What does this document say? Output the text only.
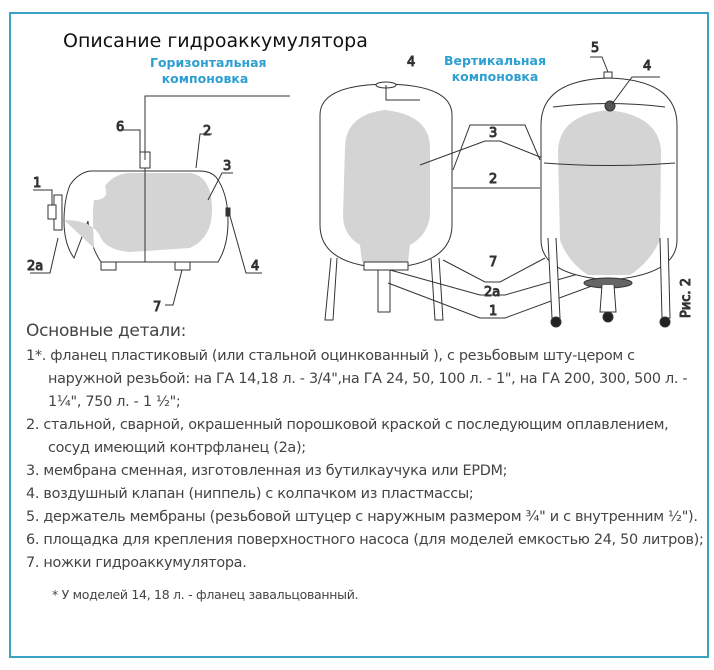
Описание гидроаккумулятора
Горизонтальная
компоновка
Вертикальная
компоновка
6	2
3
1
2a	4
7
4
5
4
3
2
7
2a
1	Рис. 2
Основные детали:
1*. фланец пластиковый (или стальной оцинкованный ), с резьбовым шту-цером с наружной резьбой: на ГА 14,18 л. - 3/4",на ГА 24, 50, 100 л. - 1", на ГА 200, 300, 500 л. - 1¼", 750 л. - 1 ½";
2. стальной, сварной, окрашенный порошковой краской с последующим оплавлением, сосуд имеющий контрфланец (2a);
3. мембрана сменная, изготовленная из бутилкаучука или EPDM;
4. воздушный клапан (ниппель) с колпачком из пластмассы;
5. держатель мембраны (резьбовой штуцер с наружным размером ¾" и с внутренним ½").
6. площадка для крепления поверхностного насоса (для моделей емкостью 24, 50 литров);
7. ножки гидроаккумулятора.
* У моделей 14, 18 л. - фланец завальцованный.
